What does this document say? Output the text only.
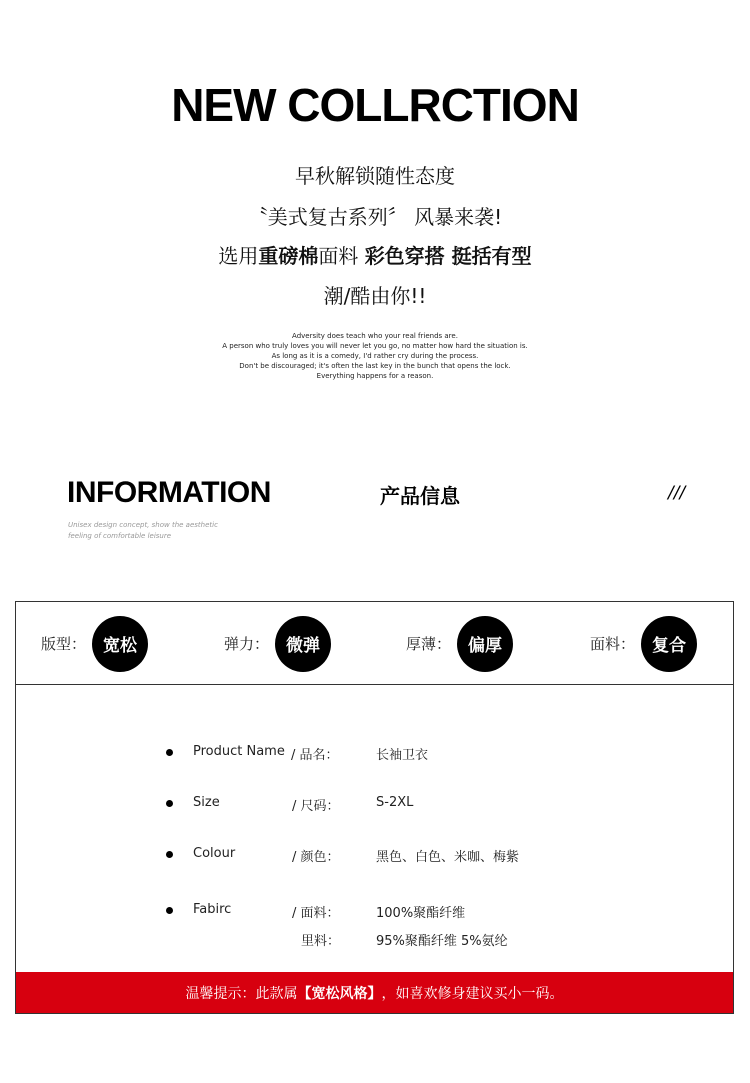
NEW COLLRCTION
早秋解锁随性态度
〝美式复古系列〞 风暴来袭!
选用重磅棉面料 彩色穿搭 挺括有型
潮/酷由你!!
Adversity does teach who your real friends are.
A person who truly loves you will never let you go, no matter how hard the situation is.
As long as it is a comedy, I'd rather cry during the process.
Don't be discouraged; it's often the last key in the bunch that opens the lock.
Everything happens for a reason.
INFORMATION	产品信息	///
Unisex design concept, show the aesthetic
feeling of comfortable leisure
版型：	宽松	弹力：	微弹	厚薄：	偏厚	面料：	复合
Product Name / 品名：	长袖卫衣
Size	/ 尺码：	S-2XL
Colour	/ 颜色：	黑色、白色、米咖、梅紫
Fabirc	/ 面料：	100%聚酯纤维
里料：	95%聚酯纤维 5%氨纶
温馨提示：此款属 【宽松风格】 ，如喜欢修身建议买小一码。
